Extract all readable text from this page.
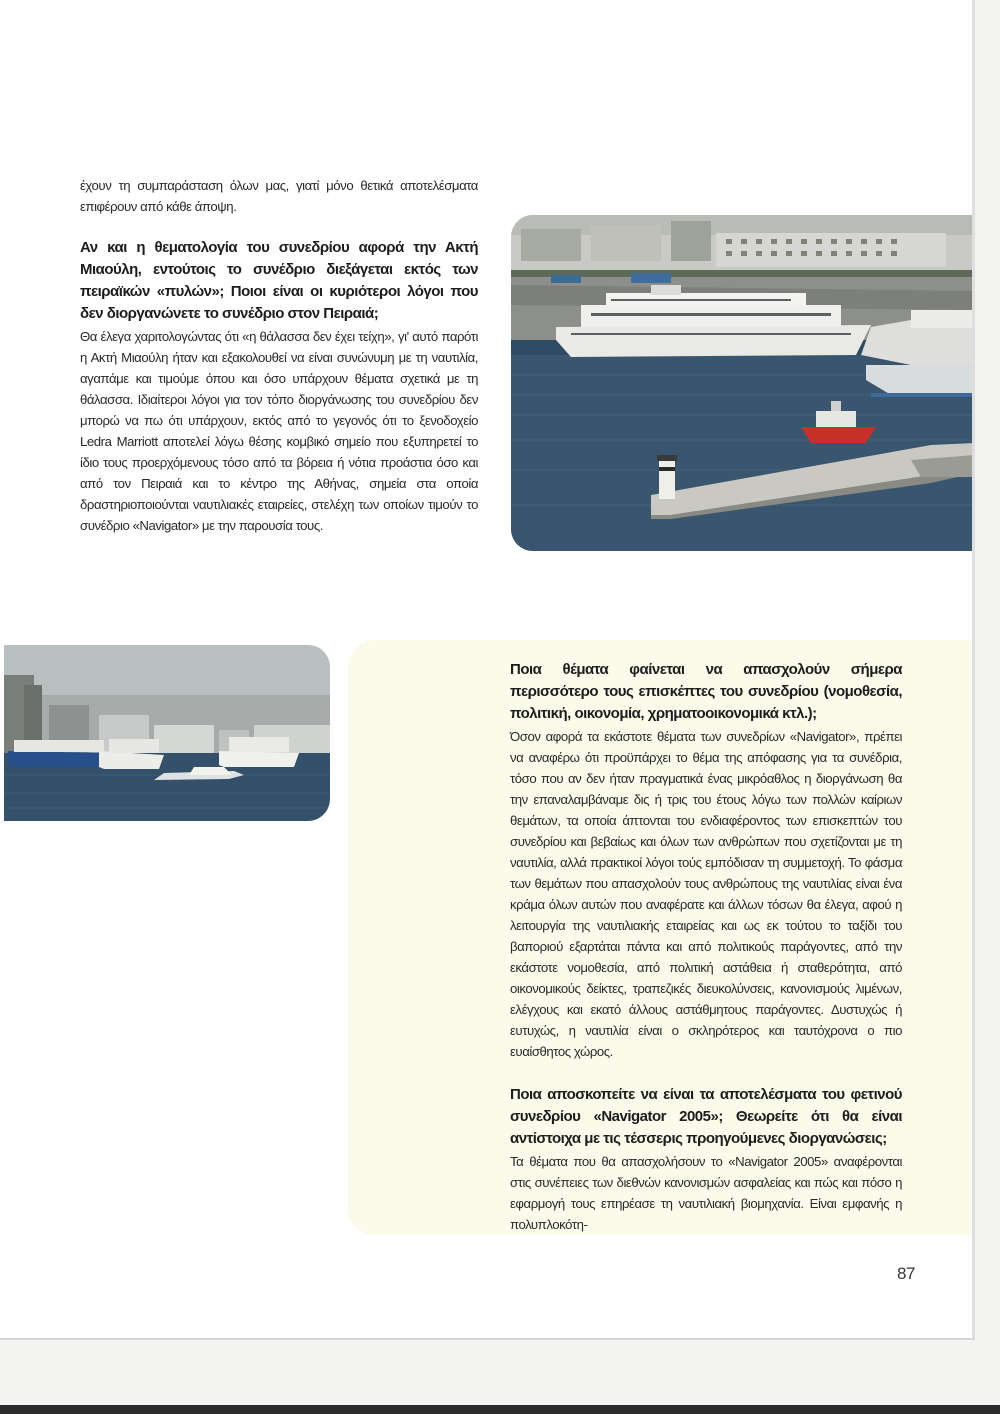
έχουν τη συμπαράσταση όλων μας, γιατί μόνο θετικά αποτελέσματα επιφέρουν από κάθε άποψη.

Αν και η θεματολογία του συνεδρίου αφορά την Ακτή Μιαούλη, εντούτοις το συνέδριο διεξάγεται εκτός των πειραϊκών «πυλών»; Ποιοι είναι οι κυριότεροι λόγοι που δεν διοργανώνετε το συνέδριο στον Πειραιά;

Θα έλεγα χαριτολογώντας ότι «η θάλασσα δεν έχει τείχη», γι' αυτό παρότι η Ακτή Μιαούλη ήταν και εξακολουθεί να είναι συνώνυμη με τη ναυτιλία, αγαπάμε και τιμούμε όπου και όσο υπάρχουν θέματα σχετικά με τη θάλασσα. Ιδιαίτεροι λόγοι για τον τόπο διοργάνωσης του συνεδρίου δεν μπορώ να πω ότι υπάρχουν, εκτός από το γεγονός ότι το ξενοδοχείο Ledra Marriott αποτελεί λόγω θέσης κομβικό σημείο που εξυπηρετεί το ίδιο τους προερχόμενους τόσο από τα βόρεια ή νότια προάστια όσο και από τον Πειραιά και το κέντρο της Αθήνας, σημεία στα οποία δραστηριοποιούνται ναυτιλιακές εταιρείες, στελέχη των οποίων τιμούν το συνέδριο «Navigator» με την παρουσία τους.

Ποια θέματα φαίνεται να απασχολούν σήμερα περισσότερο τους επισκέπτες του συνεδρίου (νομοθεσία, πολιτική, οικονομία, χρηματοοικονομικά κτλ.);

Όσον αφορά τα εκάστοτε θέματα των συνεδρίων «Navigator», πρέπει να αναφέρω ότι προϋπάρχει το θέμα της απόφασης για τα συνέδρια, τόσο που αν δεν ήταν πραγματικά ένας μικρόαθλος η διοργάνωση θα την επαναλαμβάναμε δις ή τρις του έτους λόγω των πολλών καίριων θεμάτων, τα οποία άπτονται του ενδιαφέροντος των επισκεπτών του συνεδρίου και βεβαίως και όλων των ανθρώπων που σχετίζονται με τη ναυτιλία, αλλά πρακτικοί λόγοι τούς εμπόδισαν τη συμμετοχή. Το φάσμα των θεμάτων που απασχολούν τους ανθρώπους της ναυτιλίας είναι ένα κράμα όλων αυτών που αναφέρατε και άλλων τόσων θα έλεγα, αφού η λειτουργία της ναυτιλιακής εταιρείας και ως εκ τούτου το ταξίδι του βαποριού εξαρτάται πάντα και από πολιτικούς παράγοντες, από την εκάστοτε νομοθεσία, από πολιτική αστάθεια ή σταθερότητα, από οικονομικούς δείκτες, τραπεζικές διευκολύνσεις, κανονισμούς λιμένων, ελέγχους και εκατό άλλους αστάθμητους παράγοντες. Δυστυχώς ή ευτυχώς, η ναυτιλία είναι ο σκληρότερος και ταυτόχρονα ο πιο ευαίσθητος χώρος.

Ποια αποσκοπείτε να είναι τα αποτελέσματα του φετινού συνεδρίου «Navigator 2005»; Θεωρείτε ότι θα είναι αντίστοιχα με τις τέσσερις προηγούμενες διοργανώσεις;

Τα θέματα που θα απασχολήσουν το «Navigator 2005» αναφέρονται στις συνέπειες των διεθνών κανονισμών ασφαλείας και πώς και πόσο η εφαρμογή τους επηρέασε τη ναυτιλιακή βιομηχανία. Είναι εμφανής η πολυπλοκότη-

87
